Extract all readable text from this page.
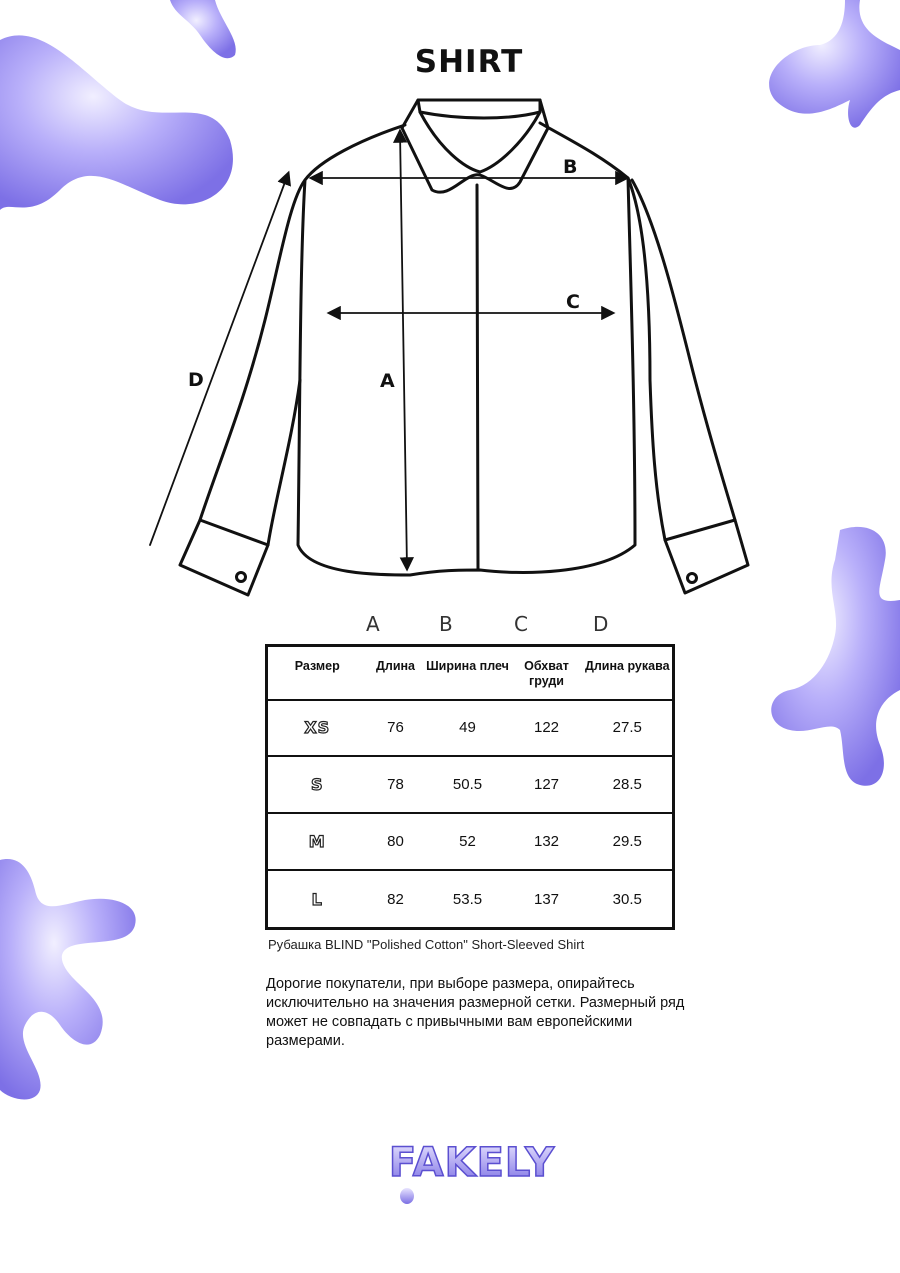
SHIRT
A
B
C
D
A	B	C	D
Размер	Длина	Ширина плеч	Обхват груди	Длина рукава
XS	76	49	122	27.5
S	78	50.5	127	28.5
M	80	52	132	29.5
L	82	53.5	137	30.5
Рубашка BLIND "Polished Cotton" Short-Sleeved Shirt
Дорогие покупатели, при выборе размера, опирайтесь исключительно на значения размерной сетки. Размерный ряд может не совпадать с привычными вам европейскими размерами.
FAKELY
